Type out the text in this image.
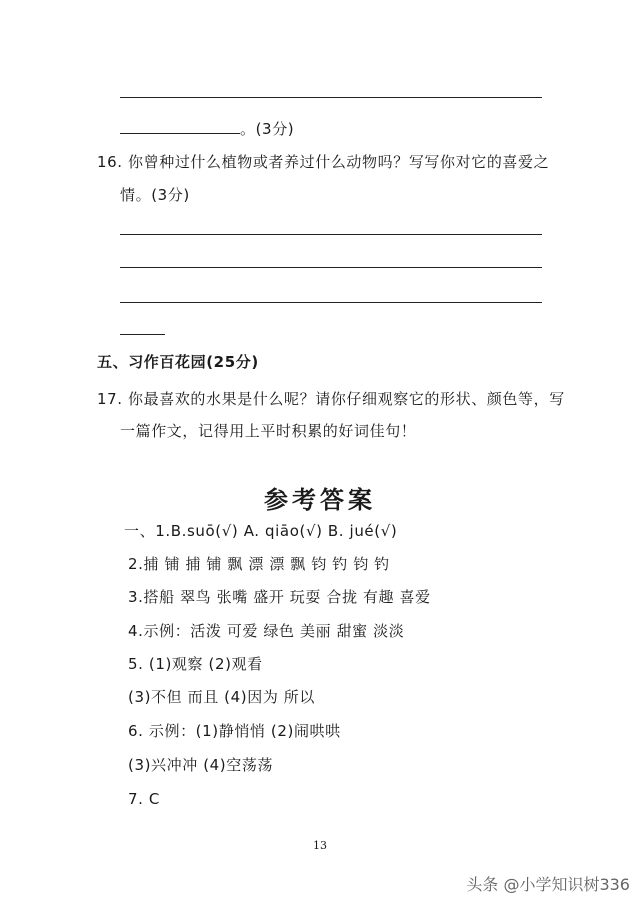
。(3分)
16. 你曾种过什么植物或者养过什么动物吗？写写你对它的喜爱之
情。(3分)
五、习作百花园(25分)
17. 你最喜欢的水果是什么呢？请你仔细观察它的形状、颜色等，写
一篇作文，记得用上平时积累的好词佳句！
参考答案
一、1.B.suō(√) A. qiāo(√) B. jué(√)
2.捕 铺 捕 铺 飘 漂 漂 飘 钧 钓 钧 钓
3.搭船 翠鸟 张嘴 盛开 玩耍 合拢 有趣 喜爱
4.示例：活泼 可爱 绿色 美丽 甜蜜 淡淡
5. (1)观察 (2)观看
(3)不但 而且 (4)因为 所以
6. 示例：(1)静悄悄 (2)闹哄哄
(3)兴冲冲 (4)空荡荡
7. C
13
头条 @小学知识树336
